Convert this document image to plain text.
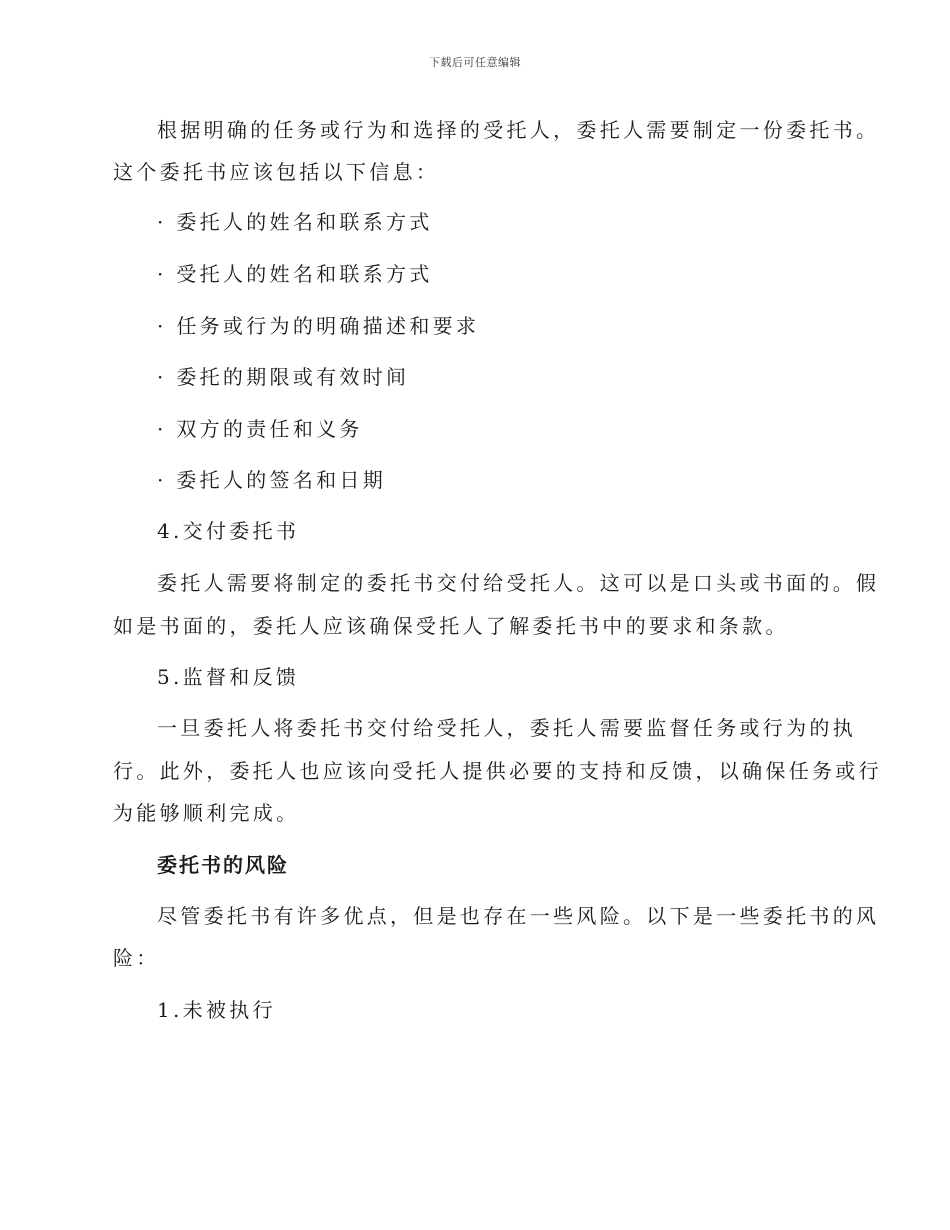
下载后可任意编辑
根据明确的任务或行为和选择的受托人，委托人需要制定一份委托书。
这个委托书应该包括以下信息：
· 委托人的姓名和联系方式
· 受托人的姓名和联系方式
· 任务或行为的明确描述和要求
· 委托的期限或有效时间
· 双方的责任和义务
· 委托人的签名和日期
4.交付委托书
委托人需要将制定的委托书交付给受托人。这可以是口头或书面的。假
如是书面的，委托人应该确保受托人了解委托书中的要求和条款。
5.监督和反馈
一旦委托人将委托书交付给受托人，委托人需要监督任务或行为的执
行。此外，委托人也应该向受托人提供必要的支持和反馈，以确保任务或行
为能够顺利完成。
委托书的风险
尽管委托书有许多优点，但是也存在一些风险。以下是一些委托书的风
险：
1.未被执行
